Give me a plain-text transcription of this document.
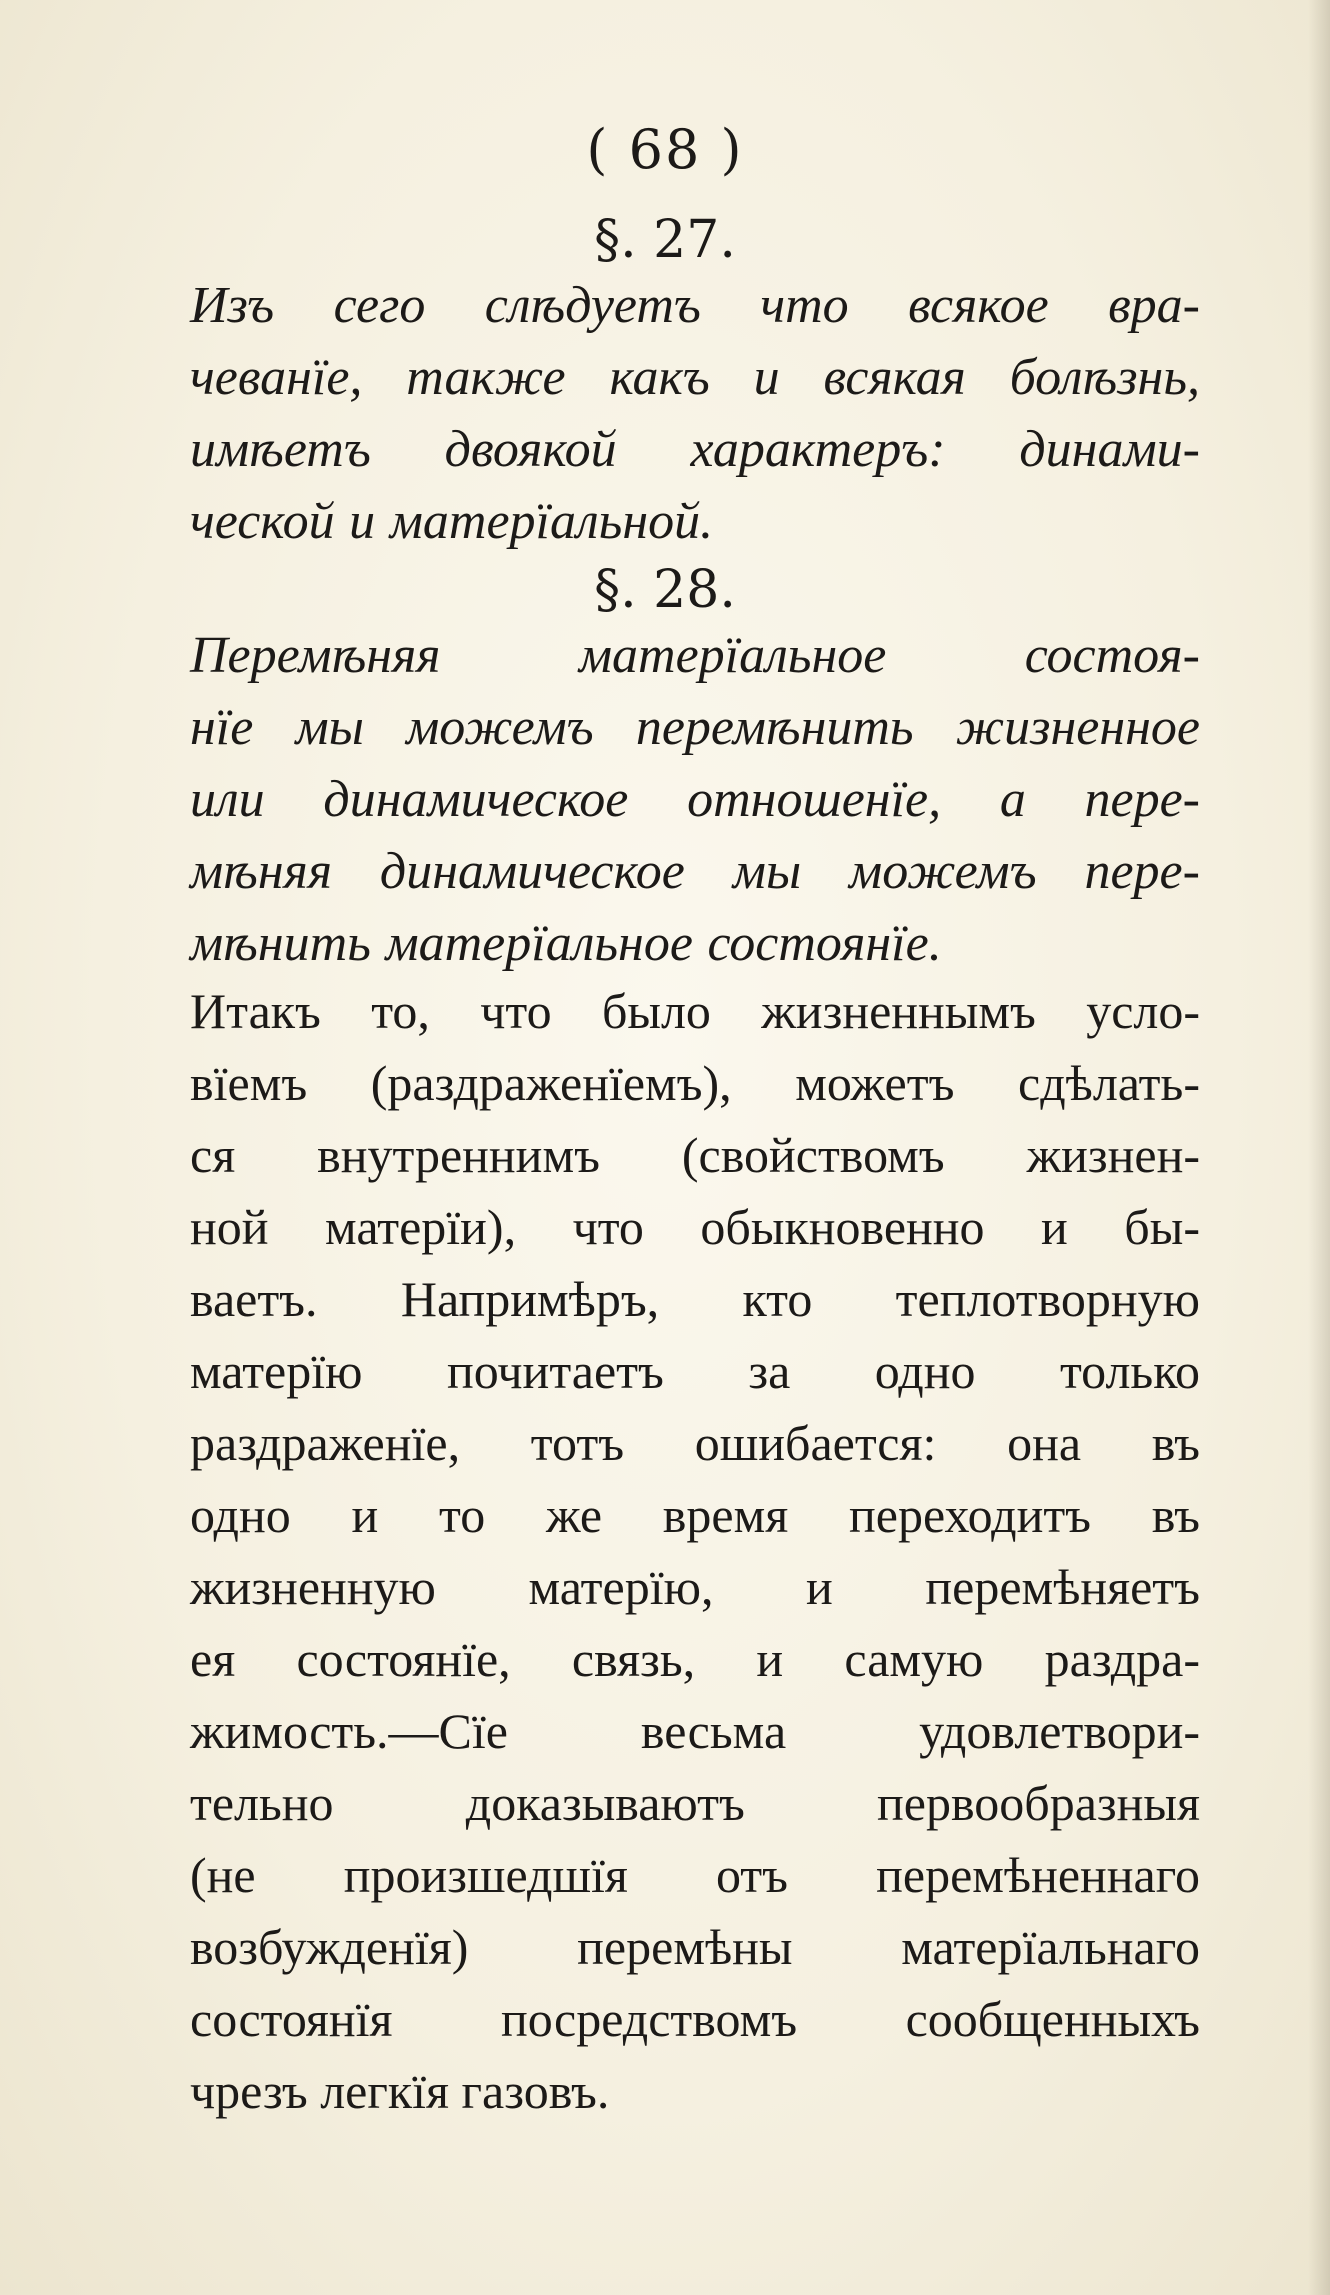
( 68 )
§. 27.
Изъ сего слѣдуетъ что всякое вра-
чеванїе, также какъ и всякая болѣзнь,
имѣетъ двоякой характеръ: динами-
ческой и матерїальной.
§. 28.
Перемѣняя	матерїальное	состоя-
нїе мы можемъ перемѣнить жизненное
или динамическое отношенїе, а пере-
мѣняя динамическое мы можемъ пере-
мѣнить матерїальное состоянїе.
Итакъ то, что было жизненнымъ усло-
вїемъ (раздраженїемъ), можетъ сдѣлать-
ся внутреннимъ (свойствомъ жизнен-
ной матерїи), что обыкновенно и бы-
ваетъ. Напримѣръ, кто теплотворную
матерїю почитаетъ за одно только
раздраженїе, тотъ ошибается: она въ
одно и то же время переходитъ въ
жизненную матерїю, и перемѣняетъ
ея состоянїе, связь, и самую раздра-
жимость.—Сїе весьма удовлетвори-
тельно доказываютъ первообразныя
(не произшедшїя отъ перемѣненнаго
возбужденїя) перемѣны матерїальнаго
состоянїя посредствомъ сообщенныхъ
чрезъ легкїя газовъ.
